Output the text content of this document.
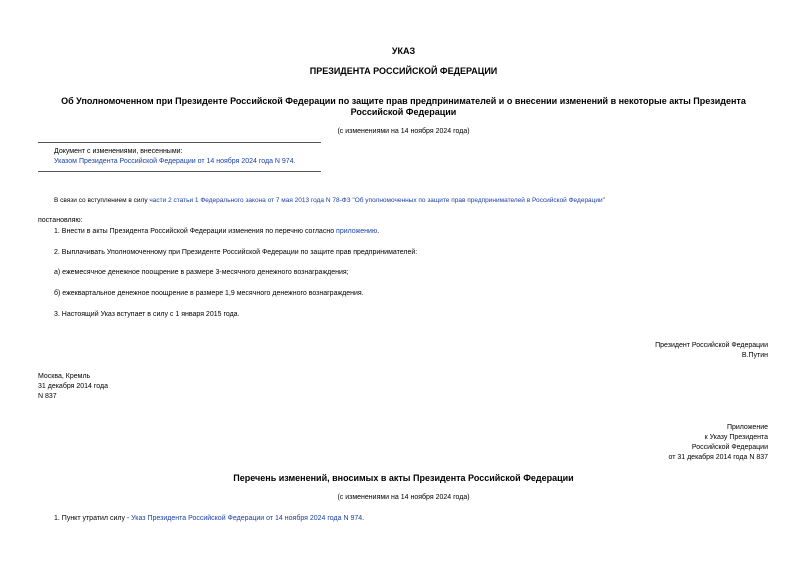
УКАЗ
ПРЕЗИДЕНТА РОССИЙСКОЙ ФЕДЕРАЦИИ
Об Уполномоченном при Президенте Российской Федерации по защите прав предпринимателей и о внесении изменений в некоторые акты Президента Российской Федерации
(с изменениями на 14 ноября 2024 года)
Документ с изменениями, внесенными:
Указом Президента Российской Федерации от 14 ноября 2024 года N 974.
В связи со вступлением в силу части 2 статьи 1 Федерального закона от 7 мая 2013 года N 78-ФЗ "Об уполномоченных по защите прав предпринимателей в Российской Федерации"
постановляю:
1. Внести в акты Президента Российской Федерации изменения по перечню согласно приложению.
2. Выплачивать Уполномоченному при Президенте Российской Федерации по защите прав предпринимателей:
а) ежемесячное денежное поощрение в размере 3-месячного денежного вознаграждения;
б) ежеквартальное денежное поощрение в размере 1,9 месячного денежного вознаграждения.
3. Настоящий Указ вступает в силу с 1 января 2015 года.
Президент Российской Федерации
В.Путин
Москва, Кремль
31 декабря 2014 года
N 837
Приложение
к Указу Президента
Российской Федерации
от 31 декабря 2014 года N 837
Перечень изменений, вносимых в акты Президента Российской Федерации
(с изменениями на 14 ноября 2024 года)
1. Пункт утратил силу - Указ Президента Российской Федерации от 14 ноября 2024 года N 974.
